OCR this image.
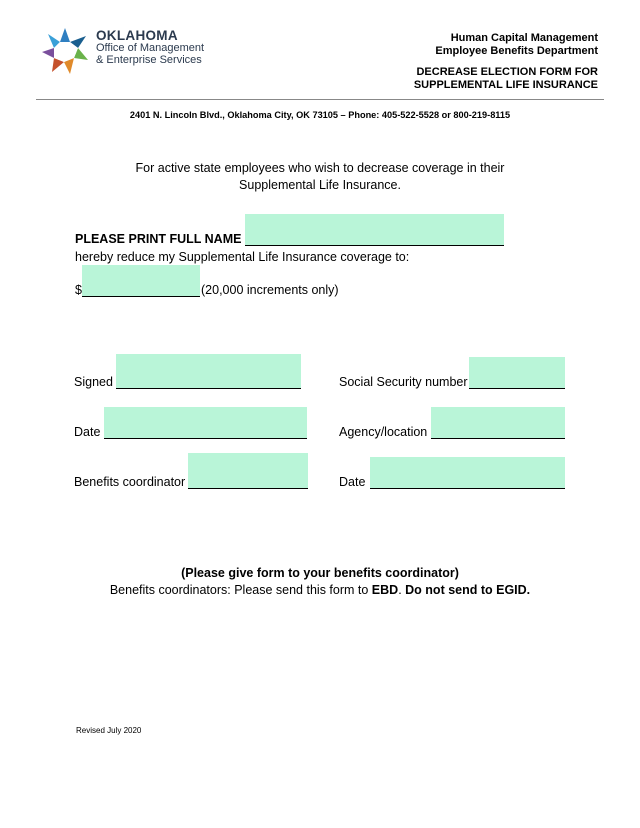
OKLAHOMA
Office of Management
& Enterprise Services
Human Capital Management
Employee Benefits Department
DECREASE ELECTION FORM FOR
SUPPLEMENTAL LIFE INSURANCE
2401 N. Lincoln Blvd., Oklahoma City, OK 73105 – Phone: 405-522-5528 or 800-219-8115
For active state employees who wish to decrease coverage in their
Supplemental Life Insurance.
PLEASE PRINT FULL NAME
hereby reduce my Supplemental Life Insurance coverage to:
$	(20,000 increments only)
Signed	Social Security number
Date	Agency/location
Benefits coordinator	Date
(Please give form to your benefits coordinator)
Benefits coordinators: Please send this form to EBD. Do not send to EGID.
Revised July 2020
